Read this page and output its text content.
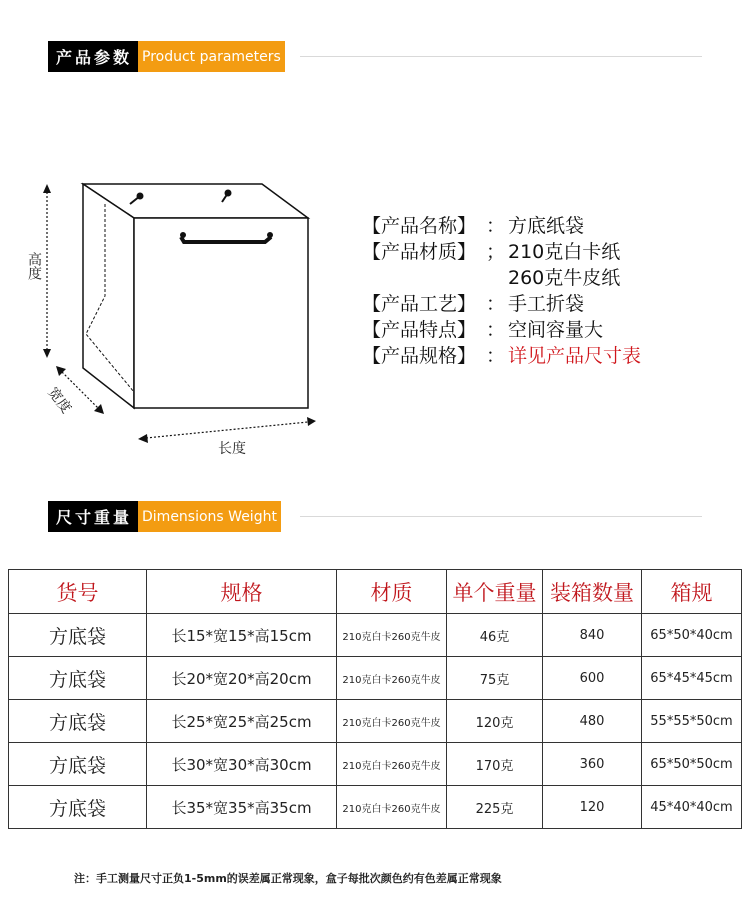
产品参数 Product parameters
高度
宽度
长度
【产品名称】 ： 方底纸袋
【产品材质】 ； 210克白卡纸
260克牛皮纸
【产品工艺】 ： 手工折袋
【产品特点】 ： 空间容量大
【产品规格】 ： 详见产品尺寸表
尺寸重量 Dimensions Weight
货号	规格	材质	单个重量	装箱数量	箱规
方底袋	长15*宽15*高15cm	210克白卡260克牛皮	46克	840	65*50*40cm
方底袋	长20*宽20*高20cm	210克白卡260克牛皮	75克	600	65*45*45cm
方底袋	长25*宽25*高25cm	210克白卡260克牛皮	120克	480	55*55*50cm
方底袋	长30*宽30*高30cm	210克白卡260克牛皮	170克	360	65*50*50cm
方底袋	长35*宽35*高35cm	210克白卡260克牛皮	225克	120	45*40*40cm
注：手工测量尺寸正负1-5mm的误差属正常现象，盒子每批次颜色约有色差属正常现象
